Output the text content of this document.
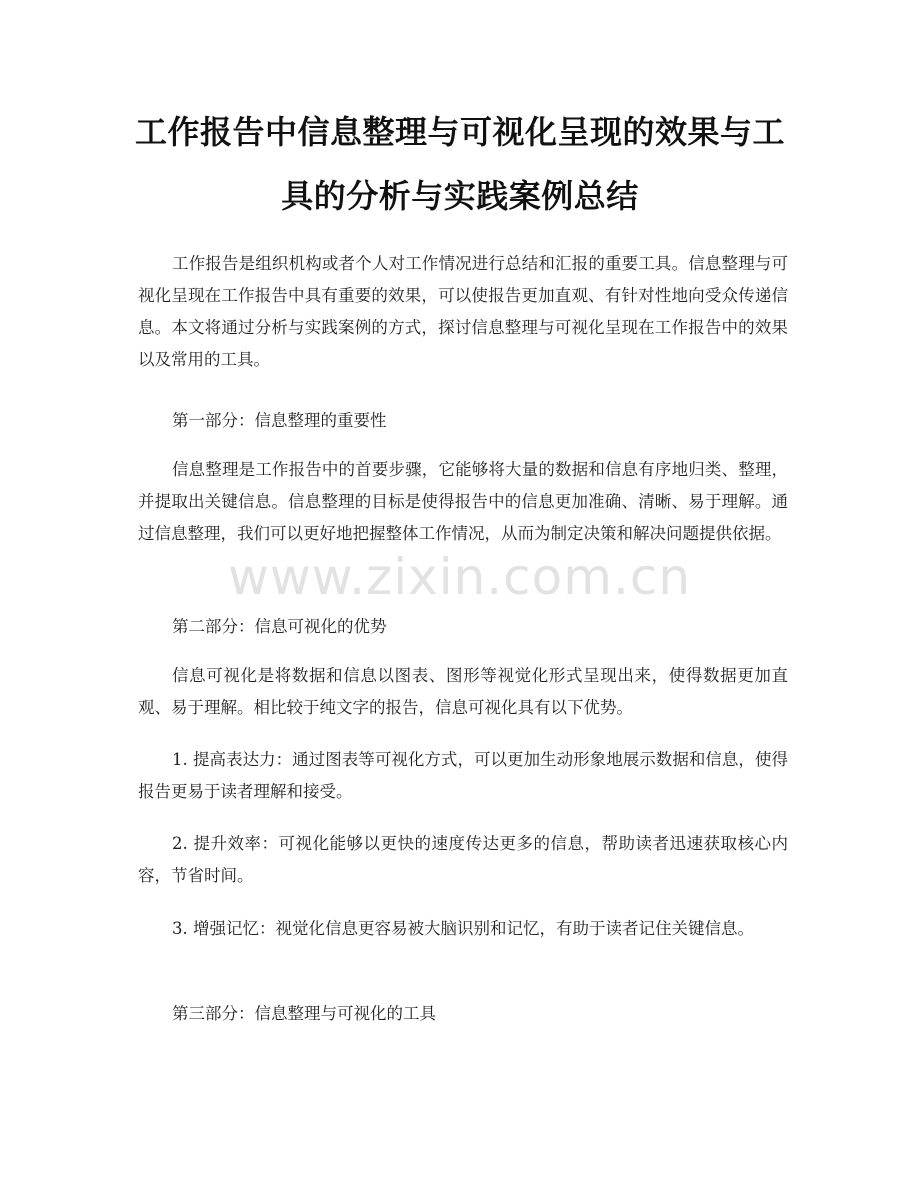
工作报告中信息整理与可视化呈现的效果与工具的分析与实践案例总结
工作报告是组织机构或者个人对工作情况进行总结和汇报的重要工具。信息整理与可视化呈现在工作报告中具有重要的效果，可以使报告更加直观、有针对性地向受众传递信息。本文将通过分析与实践案例的方式，探讨信息整理与可视化呈现在工作报告中的效果以及常用的工具。
第一部分：信息整理的重要性
信息整理是工作报告中的首要步骤，它能够将大量的数据和信息有序地归类、整理，并提取出关键信息。信息整理的目标是使得报告中的信息更加准确、清晰、易于理解。通过信息整理，我们可以更好地把握整体工作情况，从而为制定决策和解决问题提供依据。
第二部分：信息可视化的优势
信息可视化是将数据和信息以图表、图形等视觉化形式呈现出来，使得数据更加直观、易于理解。相比较于纯文字的报告，信息可视化具有以下优势。
1. 提高表达力：通过图表等可视化方式，可以更加生动形象地展示数据和信息，使得报告更易于读者理解和接受。
2. 提升效率：可视化能够以更快的速度传达更多的信息，帮助读者迅速获取核心内容，节省时间。
3. 增强记忆：视觉化信息更容易被大脑识别和记忆，有助于读者记住关键信息。
第三部分：信息整理与可视化的工具
www.zixin.com.cn
